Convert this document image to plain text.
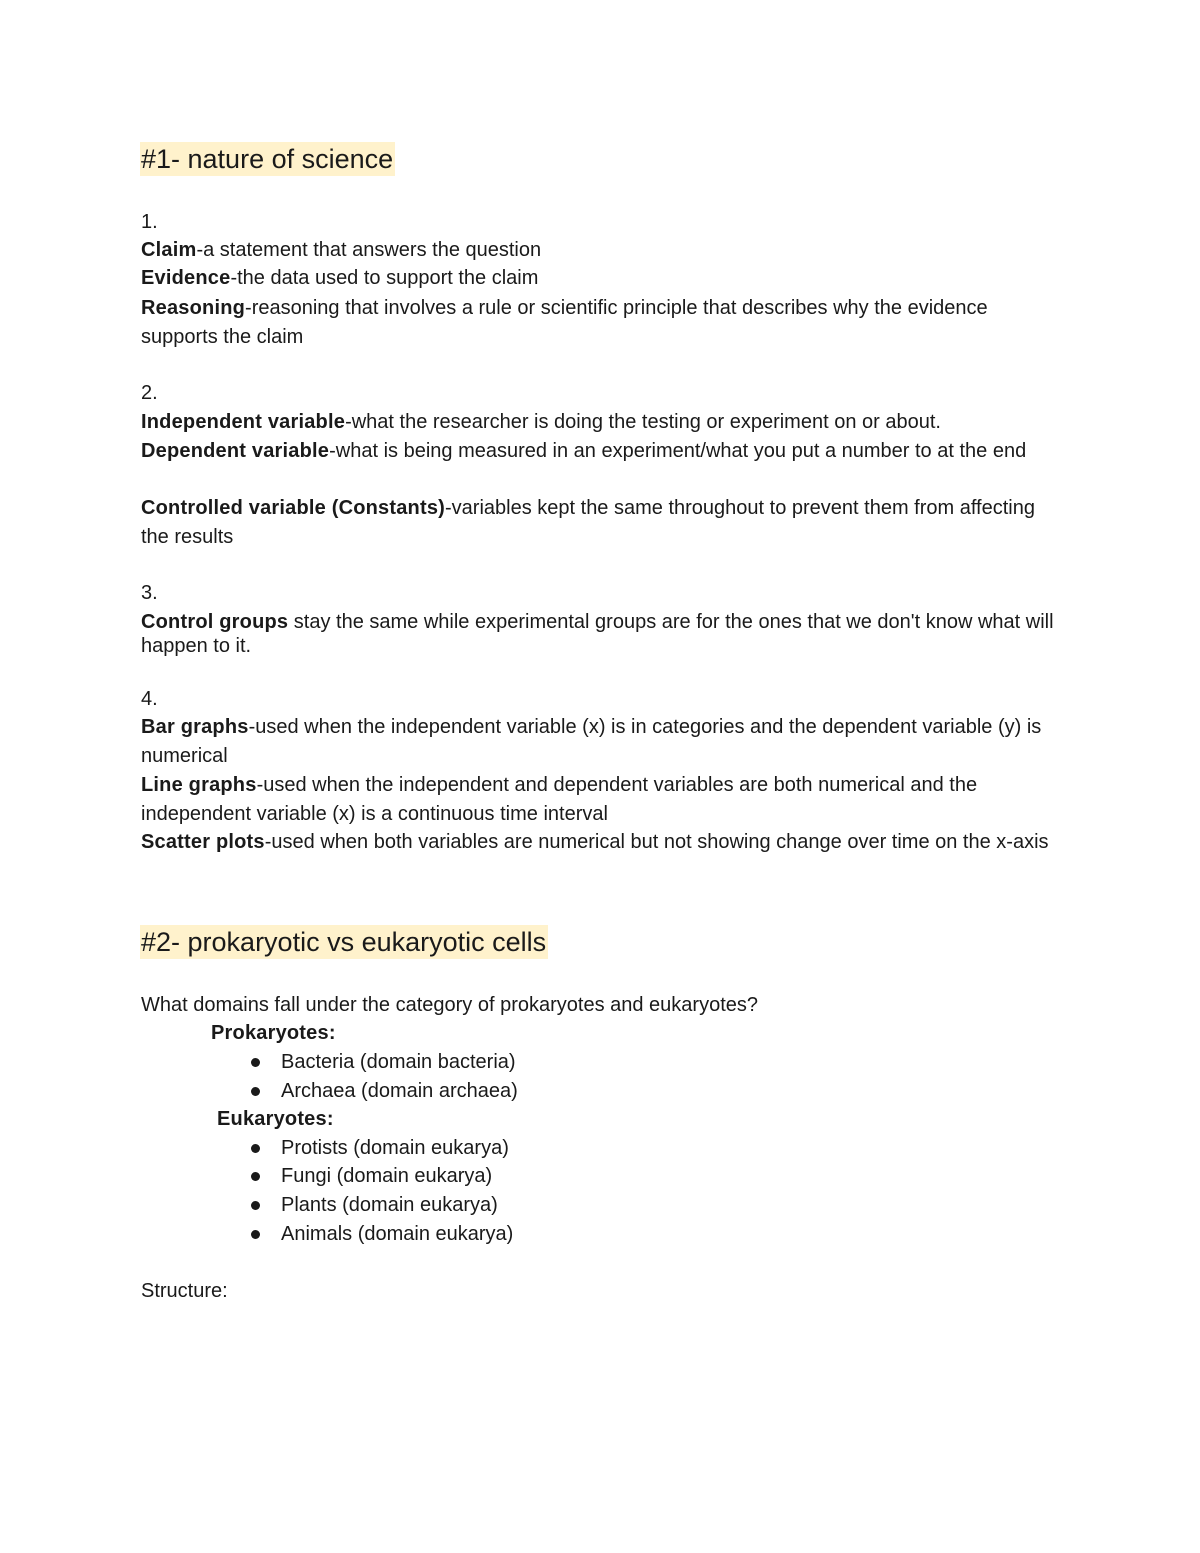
#1- nature of science
1.
Claim-a statement that answers the question
Evidence-the data used to support the claim
Reasoning-reasoning that involves a rule or scientific principle that describes why the evidence supports the claim
2.
Independent variable-what the researcher is doing the testing or experiment on or about.
Dependent variable-what is being measured in an experiment/what you put a number to at the end
Controlled variable (Constants)-variables kept the same throughout to prevent them from affecting the results
3.
Control groups stay the same while experimental groups are for the ones that we don't know what will happen to it.
4.
Bar graphs-used when the independent variable (x) is in categories and the dependent variable (y) is numerical
Line graphs-used when the independent and dependent variables are both numerical and the independent variable (x) is a continuous time interval
Scatter plots-used when both variables are numerical but not showing change over time on the x-axis
#2- prokaryotic vs eukaryotic cells
What domains fall under the category of prokaryotes and eukaryotes?
Prokaryotes:
Bacteria (domain bacteria)
Archaea (domain archaea)
Eukaryotes:
Protists (domain eukarya)
Fungi (domain eukarya)
Plants (domain eukarya)
Animals (domain eukarya)
Structure:
